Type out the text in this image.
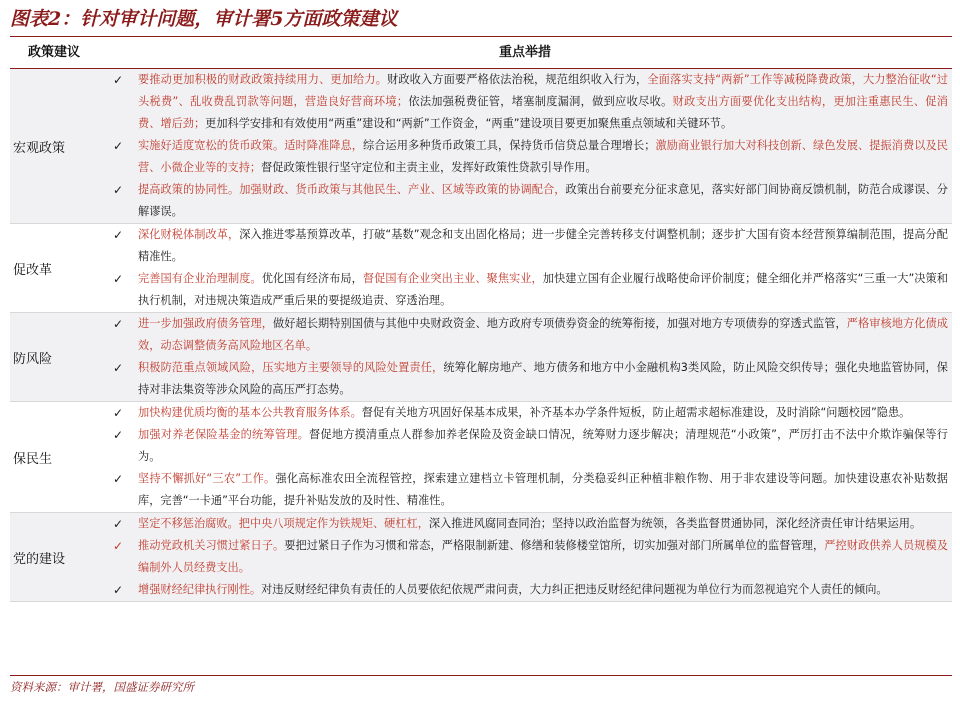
图表2：针对审计问题，审计署5方面政策建议
政策建议	重点举措
宏观政策
✓	要推动更加积极的财政政策持续用力、更加给力。财政收入方面要严格依法治税，规范组织收入行为，全面落实支持“两新”工作等减税降费政策，大力整治征收“过头税费”、乱收费乱罚款等问题，营造良好营商环境；依法加强税费征管，堵塞制度漏洞，做到应收尽收。财政支出方面要优化支出结构，更加注重惠民生、促消费、增后劲；更加科学安排和有效使用“两重”建设和“两新”工作资金，“两重”建设项目要更加聚焦重点领域和关键环节。
✓	实施好适度宽松的货币政策。适时降准降息，综合运用多种货币政策工具，保持货币信贷总量合理增长；激励商业银行加大对科技创新、绿色发展、提振消费以及民营、小微企业等的支持；督促政策性银行坚守定位和主责主业，发挥好政策性贷款引导作用。
✓	提高政策的协同性。加强财政、货币政策与其他民生、产业、区域等政策的协调配合，政策出台前要充分征求意见，落实好部门间协商反馈机制，防范合成谬误、分解谬误。
促改革
✓	深化财税体制改革，深入推进零基预算改革，打破“基数”观念和支出固化格局；进一步健全完善转移支付调整机制；逐步扩大国有资本经营预算编制范围，提高分配精准性。
✓	完善国有企业治理制度。优化国有经济布局，督促国有企业突出主业、聚焦实业，加快建立国有企业履行战略使命评价制度；健全细化并严格落实“三重一大”决策和执行机制，对违规决策造成严重后果的要提级追责、穿透治理。
防风险
✓	进一步加强政府债务管理，做好超长期特别国债与其他中央财政资金、地方政府专项债券资金的统筹衔接，加强对地方专项债券的穿透式监管，严格审核地方化债成效，动态调整债务高风险地区名单。
✓	积极防范重点领域风险，压实地方主要领导的风险处置责任，统筹化解房地产、地方债务和地方中小金融机构3类风险，防止风险交织传导；强化央地监管协同，保持对非法集资等涉众风险的高压严打态势。
保民生
✓	加快构建优质均衡的基本公共教育服务体系。督促有关地方巩固好保基本成果，补齐基本办学条件短板，防止超需求超标准建设，及时消除“问题校园”隐患。
✓	加强对养老保险基金的统筹管理。督促地方摸清重点人群参加养老保险及资金缺口情况，统筹财力逐步解决；清理规范“小政策”，严厉打击不法中介欺诈骗保等行为。
✓	坚持不懈抓好“三农”工作。强化高标准农田全流程管控，探索建立建档立卡管理机制，分类稳妥纠正种植非粮作物、用于非农建设等问题。加快建设惠农补贴数据库，完善“一卡通”平台功能，提升补贴发放的及时性、精准性。
党的建设
✓	坚定不移惩治腐败。把中央八项规定作为铁规矩、硬杠杠，深入推进风腐同查同治；坚持以政治监督为统领，各类监督贯通协同，深化经济责任审计结果运用。
✓	推动党政机关习惯过紧日子。要把过紧日子作为习惯和常态，严格限制新建、修缮和装修楼堂馆所，切实加强对部门所属单位的监督管理，严控财政供养人员规模及编制外人员经费支出。
✓	增强财经纪律执行刚性。对违反财经纪律负有责任的人员要依纪依规严肃问责，大力纠正把违反财经纪律问题视为单位行为而忽视追究个人责任的倾向。
资料来源：审计署，国盛证券研究所
